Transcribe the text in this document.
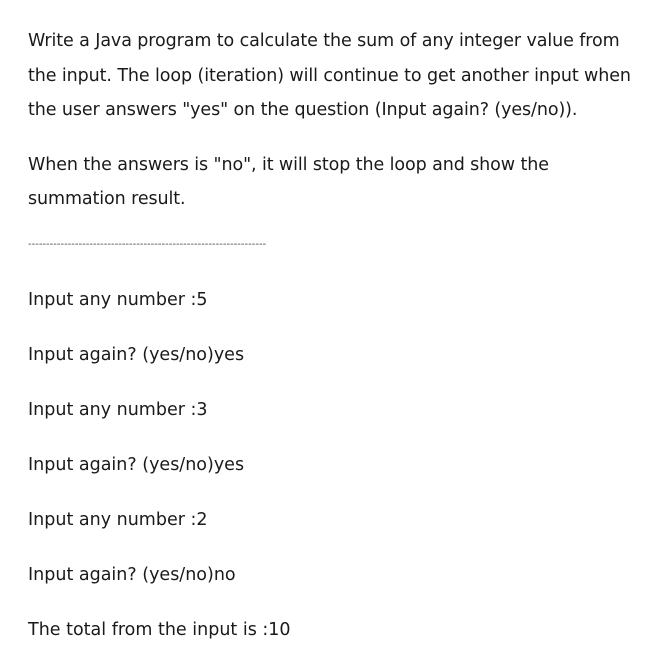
Write a Java program to calculate the sum of any integer value from the input. The loop (iteration) will continue to get another input when the user answers "yes" on the question (Input again? (yes/no)).

When the answers is "no", it will stop the loop and show the summation result.

------------------------------------------------------------------

Input any number :5

Input again? (yes/no)yes

Input any number :3

Input again? (yes/no)yes

Input any number :2

Input again? (yes/no)no

The total from the input is :10
